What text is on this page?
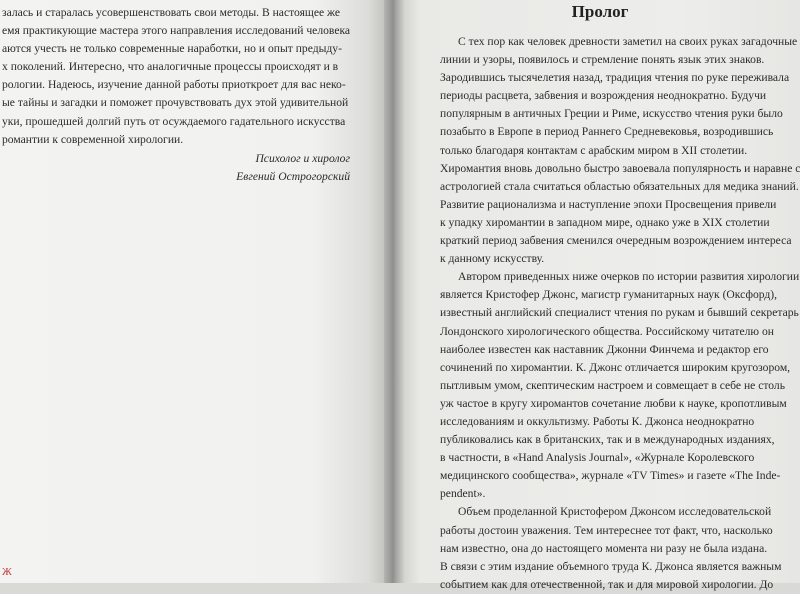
залась и старалась усовершенствовать свои методы. В настоящее же
емя практикующие мастера этого направления исследований человека
аются учесть не только современные наработки, но и опыт предыду-
х поколений. Интересно, что аналогичные процессы происходят и в
рологии. Надеюсь, изучение данной работы приоткроет для вас неко-
ые тайны и загадки и поможет прочувствовать дух этой удивительной
уки, прошедшей долгий путь от осуждаемого гадательного искусства
романтии к современной хирологии.
Психолог и хиролог
Евгений Острогорский
Пролог
С тех пор как человек древности заметил на своих руках загадочные
линии и узоры, появилось и стремление понять язык этих знаков.
Зародившись тысячелетия назад, традиция чтения по руке переживала
периоды расцвета, забвения и возрождения неоднократно. Будучи
популярным в античных Греции и Риме, искусство чтения руки было
позабыто в Европе в период Раннего Средневековья, возродившись
только благодаря контактам с арабским миром в XII столетии.
Хиромантия вновь довольно быстро завоевала популярность и наравне с
астрологией стала считаться областью обязательных для медика знаний.
Развитие рационализма и наступление эпохи Просвещения привели
к упадку хиромантии в западном мире, однако уже в XIX столетии
краткий период забвения сменился очередным возрождением интереса
к данному искусству.
Автором приведенных ниже очерков по истории развития хирологии
является Кристофер Джонс, магистр гуманитарных наук (Оксфорд),
известный английский специалист чтения по рукам и бывший секретарь
Лондонского хирологического общества. Российскому читателю он
наиболее известен как наставник Джонни Финчема и редактор его
сочинений по хиромантии. К. Джонс отличается широким кругозором,
пытливым умом, скептическим настроем и совмещает в себе не столь
уж частое в кругу хиромантов сочетание любви к науке, кропотливым
исследованиям и оккультизму. Работы К. Джонса неоднократно
публиковались как в британских, так и в международных изданиях,
в частности, в «Hand Analysis Journal», «Журнале Королевского
медицинского сообщества», журнале «TV Times» и газете «The Inde-
pendent».
Объем проделанной Кристофером Джонсом исследовательской
работы достоин уважения. Тем интереснее тот факт, что, насколько
нам известно, она до настоящего момента ни разу не была издана.
В связи с этим издание объемного труда К. Джонса является важным
событием как для отечественной, так и для мировой хирологии. До
Ж
